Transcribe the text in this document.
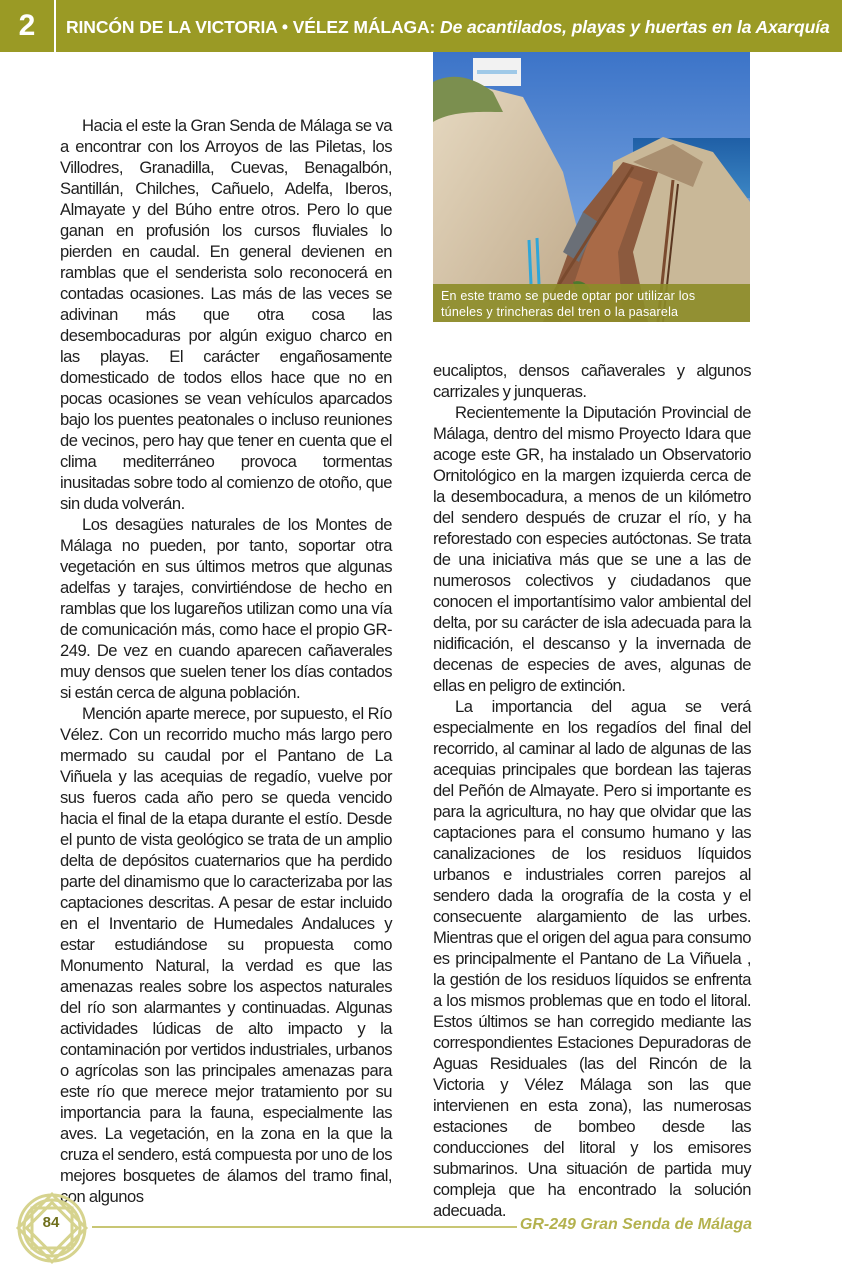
2	RINCÓN DE LA VICTORIA • VÉLEZ MÁLAGA: De acantilados, playas y huertas en la Axarquía
En este tramo se puede optar por utilizar los
túneles y trincheras del tren o la pasarela

Hacia el este la Gran Senda de Málaga se va a encontrar con los Arroyos de las Piletas, los Villodres, Granadilla, Cuevas, Benagalbón, Santillán, Chilches, Cañuelo, Adelfa, Iberos, Almayate y del Búho entre otros. Pero lo que ganan en profusión los cursos fluviales lo pierden en caudal. En general devienen en ramblas que el senderista solo reconocerá en contadas ocasiones. Las más de las veces se adivinan más que otra cosa las desembocaduras por algún exiguo charco en las playas. El carácter engañosamente domesticado de todos ellos hace que no en pocas ocasiones se vean vehículos aparcados bajo los puentes peatonales o incluso reuniones de vecinos, pero hay que tener en cuenta que el clima mediterráneo provoca tormentas inusitadas sobre todo al comienzo de otoño, que sin duda volverán.

Los desagües naturales de los Montes de Málaga no pueden, por tanto, soportar otra vegetación en sus últimos metros que algunas adelfas y tarajes, convirtiéndose de hecho en ramblas que los lugareños utilizan como una vía de comunicación más, como hace el propio GR-249. De vez en cuando aparecen cañaverales muy densos que suelen tener los días contados si están cerca de alguna población.

Mención aparte merece, por supuesto, el Río Vélez. Con un recorrido mucho más largo pero mermado su caudal por el Pantano de La Viñuela y las acequias de regadío, vuelve por sus fueros cada año pero se queda vencido hacia el final de la etapa durante el estío. Desde el punto de vista geológico se trata de un amplio delta de depósitos cuaternarios que ha perdido parte del dinamismo que lo caracterizaba por las captaciones descritas. A pesar de estar incluido en el Inventario de Humedales Andaluces y estar estudiándose su propuesta como Monumento Natural, la verdad es que las amenazas reales sobre los aspectos naturales del río son alarmantes y continuadas. Algunas actividades lúdicas de alto impacto y la contaminación por vertidos industriales, urbanos o agrícolas son las principales amenazas para este río que merece mejor tratamiento por su importancia para la fauna, especialmente las aves. La vegetación, en la zona en la que la cruza el sendero, está compuesta por uno de los mejores bosquetes de álamos del tramo final, con algunos

eucaliptos, densos cañaverales y algunos carrizales y junqueras.

Recientemente la Diputación Provincial de Málaga, dentro del mismo Proyecto Idara que acoge este GR, ha instalado un Observatorio Ornitológico en la margen izquierda cerca de la desembocadura, a menos de un kilómetro del sendero después de cruzar el río, y ha reforestado con especies autóctonas. Se trata de una iniciativa más que se une a las de numerosos colectivos y ciudadanos que conocen el importantísimo valor ambiental del delta, por su carácter de isla adecuada para la nidificación, el descanso y la invernada de decenas de especies de aves, algunas de ellas en peligro de extinción.

La importancia del agua se verá especialmente en los regadíos del final del recorrido, al caminar al lado de algunas de las acequias principales que bordean las tajeras del Peñón de Almayate. Pero si importante es para la agricultura, no hay que olvidar que las captaciones para el consumo humano y las canalizaciones de los residuos líquidos urbanos e industriales corren parejos al sendero dada la orografía de la costa y el consecuente alargamiento de las urbes. Mientras que el origen del agua para consumo es principalmente el Pantano de La Viñuela , la gestión de los residuos líquidos se enfrenta a los mismos problemas que en todo el litoral. Estos últimos se han corregido mediante las correspondientes Estaciones Depuradoras de Aguas Residuales (las del Rincón de la Victoria y Vélez Málaga son las que intervienen en esta zona), las numerosas estaciones de bombeo desde las conducciones del litoral y los emisores submarinos. Una situación de partida muy compleja que ha encontrado la solución adecuada.

84	GR-249 Gran Senda de Málaga
